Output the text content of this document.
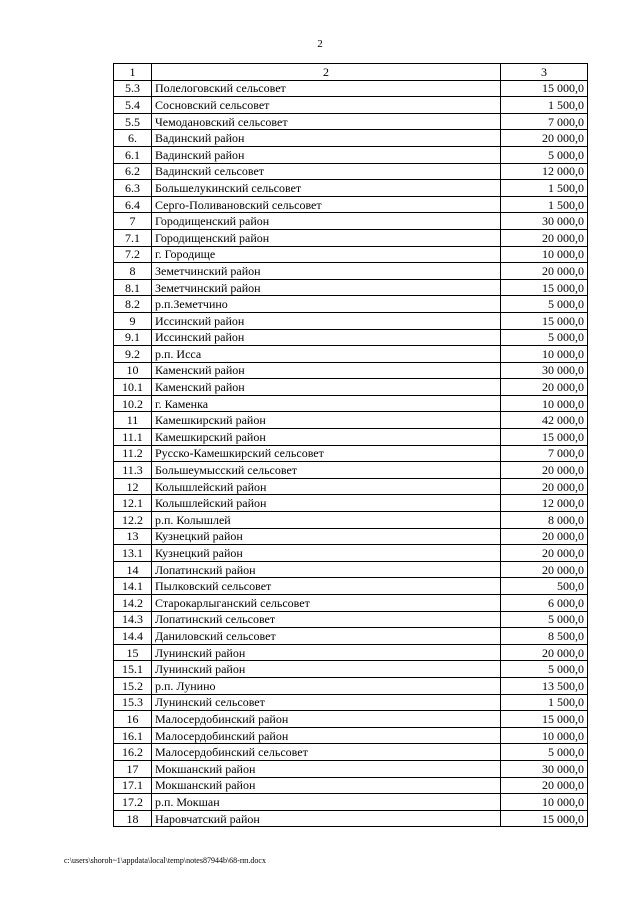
2
1	2	3
5.3	Полелоговский сельсовет	15 000,0
5.4	Сосновский сельсовет	1 500,0
5.5	Чемодановский сельсовет	7 000,0
6.	Вадинский район	20 000,0
6.1	Вадинский район	5 000,0
6.2	Вадинский сельсовет	12 000,0
6.3	Большелукинский сельсовет	1 500,0
6.4	Серго-Поливановский сельсовет	1 500,0
7	Городищенский район	30 000,0
7.1	Городищенский район	20 000,0
7.2	г. Городище	10 000,0
8	Земетчинский район	20 000,0
8.1	Земетчинский район	15 000,0
8.2	р.п.Земетчино	5 000,0
9	Иссинский район	15 000,0
9.1	Иссинский район	5 000,0
9.2	р.п. Исса	10 000,0
10	Каменский район	30 000,0
10.1	Каменский район	20 000,0
10.2	г. Каменка	10 000,0
11	Камешкирский район	42 000,0
11.1	Камешкирский район	15 000,0
11.2	Русско-Камешкирский сельсовет	7 000,0
11.3	Большеумысский сельсовет	20 000,0
12	Колышлейский район	20 000,0
12.1	Колышлейский район	12 000,0
12.2	р.п. Колышлей	8 000,0
13	Кузнецкий район	20 000,0
13.1	Кузнецкий район	20 000,0
14	Лопатинский район	20 000,0
14.1	Пылковский сельсовет	500,0
14.2	Старокарлыганский сельсовет	6 000,0
14.3	Лопатинский сельсовет	5 000,0
14.4	Даниловский сельсовет	8 500,0
15	Лунинский район	20 000,0
15.1	Лунинский район	5 000,0
15.2	р.п. Лунино	13 500,0
15.3	Лунинский сельсовет	1 500,0
16	Малосердобинский район	15 000,0
16.1	Малосердобинский район	10 000,0
16.2	Малосердобинский сельсовет	5 000,0
17	Мокшанский район	30 000,0
17.1	Мокшанский район	20 000,0
17.2	р.п. Мокшан	10 000,0
18	Наровчатский район	15 000,0
c:\users\shoroh~1\appdata\local\temp\notes87944b\68-пп.docx
